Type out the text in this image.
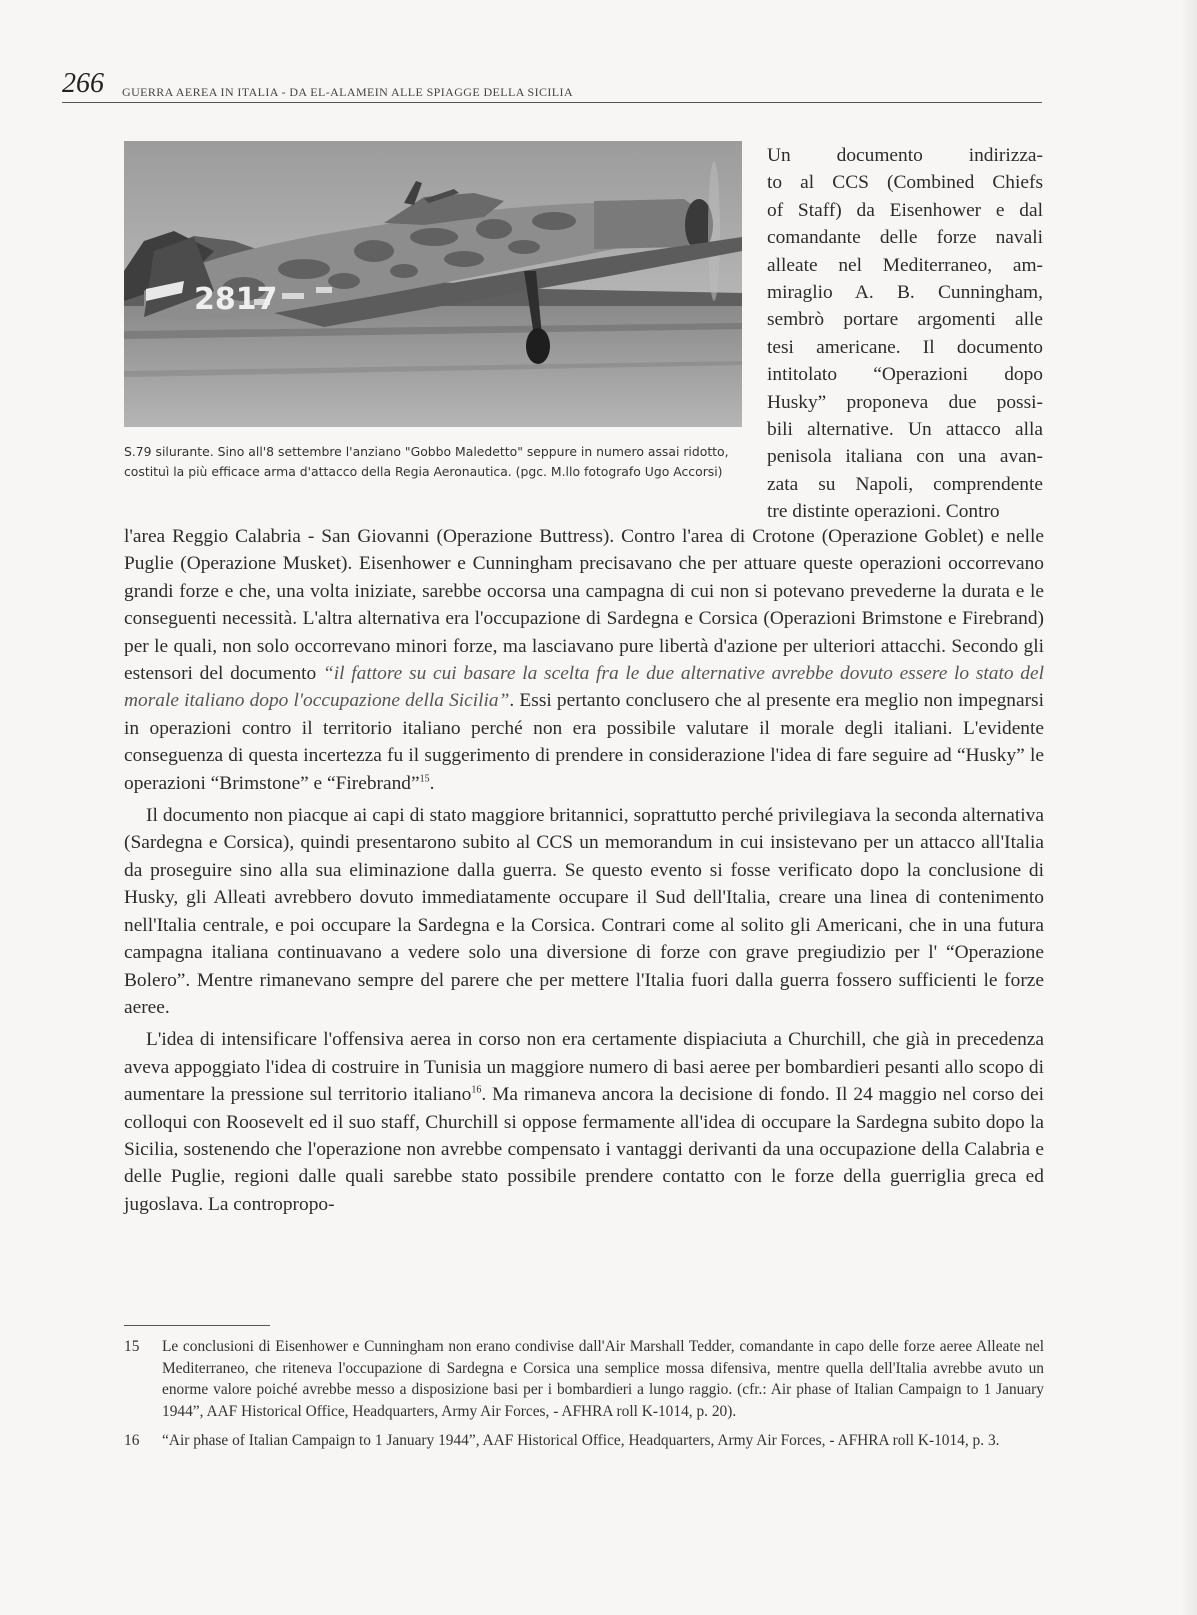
266 GUERRA AEREA IN ITALIA - DA EL-ALAMEIN ALLE SPIAGGE DELLA SICILIA
2817
S.79 silurante. Sino all'8 settembre l'anziano "Gobbo Maledetto" seppure in numero assai ridotto, costituì la più efficace arma d'attacco della Regia Aeronautica. (pgc. M.llo fotografo Ugo Accorsi)
Un documento indirizza-
to al CCS (Combined Chiefs
of Staff) da Eisenhower e dal
comandante delle forze navali
alleate nel Mediterraneo, am-
miraglio A. B. Cunningham,
sembrò portare argomenti alle
tesi americane. Il documento
intitolato “Operazioni dopo
Husky” proponeva due possi-
bili alternative. Un attacco alla
penisola italiana con una avan-
zata su Napoli, comprendente
tre distinte operazioni. Contro

l'area Reggio Calabria - San Giovanni (Operazione Buttress). Contro l'area di Crotone (Operazione Goblet) e nelle Puglie (Operazione Musket). Eisenhower e Cunningham precisavano che per attuare queste operazioni occorrevano grandi forze e che, una volta iniziate, sarebbe occorsa una campagna di cui non si potevano prevederne la durata e le conseguenti necessità. L'altra alternativa era l'occupazione di Sardegna e Corsica (Operazioni Brimstone e Firebrand) per le quali, non solo occorrevano minori forze, ma lasciavano pure libertà d'azione per ulteriori attacchi. Secondo gli estensori del documento “il fattore su cui basare la scelta fra le due alternative avrebbe dovuto essere lo stato del morale italiano dopo l'occupazione della Sicilia”. Essi pertanto conclusero che al presente era meglio non impegnarsi in operazioni contro il territorio italiano perché non era possibile valutare il morale degli italiani. L'evidente conseguenza di questa incertezza fu il suggerimento di prendere in considerazione l'idea di fare seguire ad “Husky” le operazioni “Brimstone” e “Firebrand”$^{15}$.

Il documento non piacque ai capi di stato maggiore britannici, soprattutto perché privilegiava la seconda alternativa (Sardegna e Corsica), quindi presentarono subito al CCS un memorandum in cui insistevano per un attacco all'Italia da proseguire sino alla sua eliminazione dalla guerra. Se questo evento si fosse verificato dopo la conclusione di Husky, gli Alleati avrebbero dovuto immediatamente occupare il Sud dell'Italia, creare una linea di contenimento nell'Italia centrale, e poi occupare la Sardegna e la Corsica. Contrari come al solito gli Americani, che in una futura campagna italiana continuavano a vedere solo una diversione di forze con grave pregiudizio per l' “Operazione Bolero”. Mentre rimanevano sempre del parere che per mettere l'Italia fuori dalla guerra fossero sufficienti le forze aeree.

L'idea di intensificare l'offensiva aerea in corso non era certamente dispiaciuta a Churchill, che già in precedenza aveva appoggiato l'idea di costruire in Tunisia un maggiore numero di basi aeree per bombardieri pesanti allo scopo di aumentare la pressione sul territorio italiano$^{16}$. Ma rimaneva ancora la decisione di fondo. Il 24 maggio nel corso dei colloqui con Roosevelt ed il suo staff, Churchill si oppose fermamente all'idea di occupare la Sardegna subito dopo la Sicilia, sostenendo che l'operazione non avrebbe compensato i vantaggi derivanti da una occupazione della Calabria e delle Puglie, regioni dalle quali sarebbe stato possibile prendere contatto con le forze della guerriglia greca ed jugoslava. La contropropo-

15	Le conclusioni di Eisenhower e Cunningham non erano condivise dall'Air Marshall Tedder, comandante in capo delle forze aeree Alleate nel Mediterraneo, che riteneva l'occupazione di Sardegna e Corsica una semplice mossa difensiva, mentre quella dell'Italia avrebbe avuto un enorme valore poiché avrebbe messo a disposizione basi per i bombardieri a lungo raggio. (cfr.: Air phase of Italian Campaign to 1 January 1944”, AAF Historical Office, Headquarters, Army Air Forces, - AFHRA roll K-1014, p. 20).
16	“Air phase of Italian Campaign to 1 January 1944”, AAF Historical Office, Headquarters, Army Air Forces, - AFHRA roll K-1014, p. 3.
